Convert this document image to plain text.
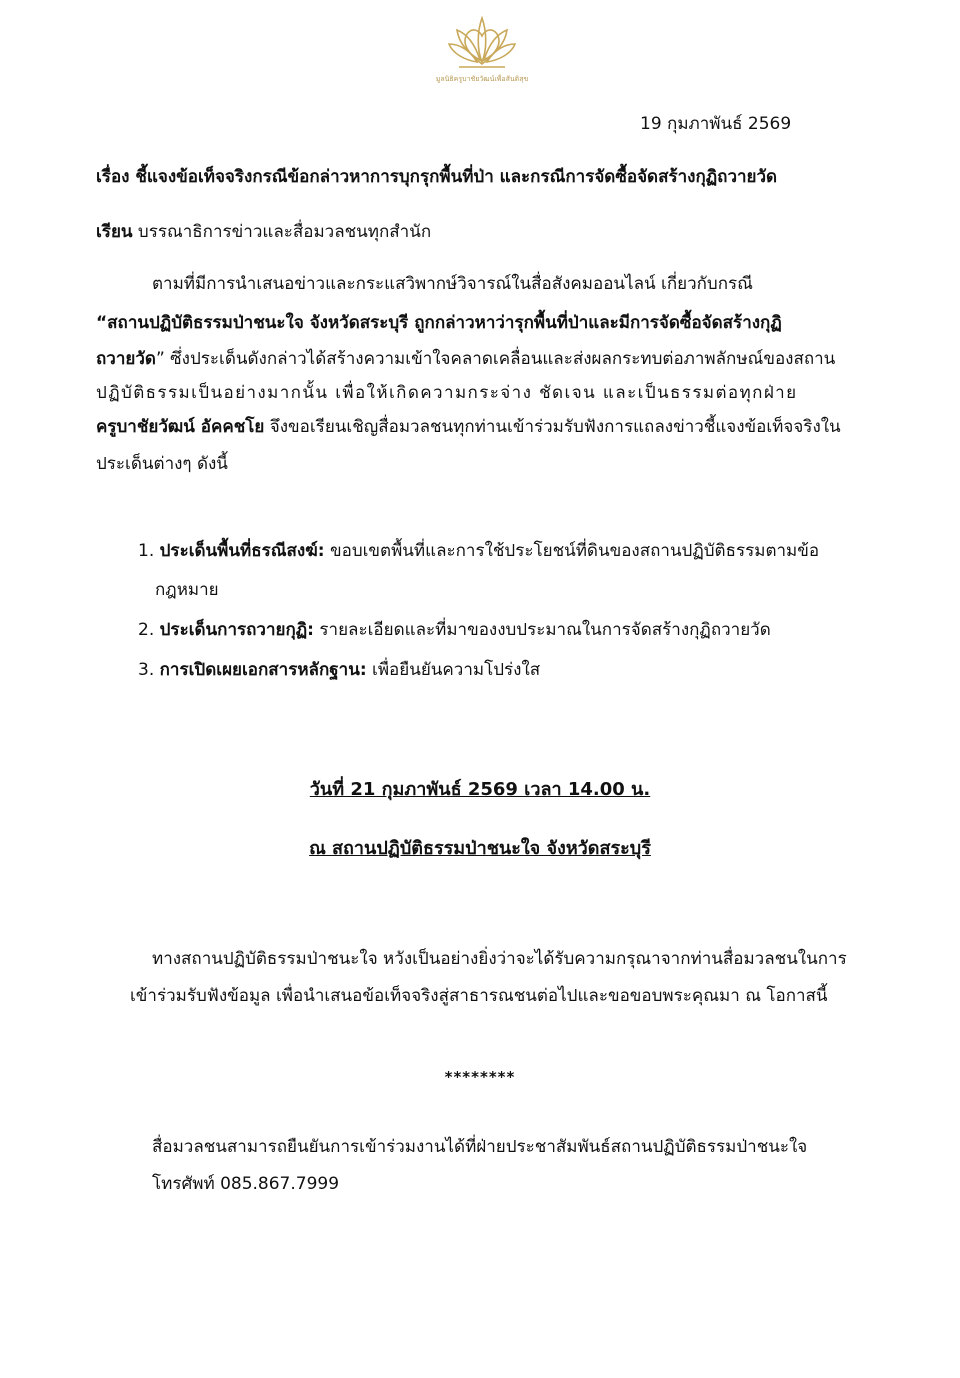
มูลนิธิครูบาชัยวัฒน์เพื่อสันติสุข
19 กุมภาพันธ์ 2569
เรื่อง ชี้แจงข้อเท็จจริงกรณีข้อกล่าวหาการบุกรุกพื้นที่ป่า และกรณีการจัดซื้อจัดสร้างกุฏิถวายวัด
เรียน บรรณาธิการข่าวและสื่อมวลชนทุกสำนัก
ตามที่มีการนำเสนอข่าวและกระแสวิพากษ์วิจารณ์ในสื่อสังคมออนไลน์ เกี่ยวกับกรณี
“สถานปฏิบัติธรรมป่าชนะใจ จังหวัดสระบุรี ถูกกล่าวหาว่ารุกพื้นที่ป่าและมีการจัดซื้อจัดสร้างกุฏิ
ถวายวัด” ซึ่งประเด็นดังกล่าวได้สร้างความเข้าใจคลาดเคลื่อนและส่งผลกระทบต่อภาพลักษณ์ของสถาน
ปฏิบัติธรรมเป็นอย่างมากนั้น เพื่อให้เกิดความกระจ่าง ชัดเจน และเป็นธรรมต่อทุกฝ่าย
ครูบาชัยวัฒน์ อัคคชโย จึงขอเรียนเชิญสื่อมวลชนทุกท่านเข้าร่วมรับฟังการแถลงข่าวชี้แจงข้อเท็จจริงใน
ประเด็นต่างๆ ดังนี้
1. ประเด็นพื้นที่ธรณีสงฆ์: ขอบเขตพื้นที่และการใช้ประโยชน์ที่ดินของสถานปฏิบัติธรรมตามข้อ
กฎหมาย
2. ประเด็นการถวายกุฏิ: รายละเอียดและที่มาของงบประมาณในการจัดสร้างกุฏิถวายวัด
3. การเปิดเผยเอกสารหลักฐาน: เพื่อยืนยันความโปร่งใส
วันที่ 21 กุมภาพันธ์ 2569 เวลา 14.00 น.
ณ สถานปฏิบัติธรรมป่าชนะใจ จังหวัดสระบุรี
ทางสถานปฏิบัติธรรมป่าชนะใจ หวังเป็นอย่างยิ่งว่าจะได้รับความกรุณาจากท่านสื่อมวลชนในการ
เข้าร่วมรับฟังข้อมูล เพื่อนำเสนอข้อเท็จจริงสู่สาธารณชนต่อไปและขอขอบพระคุณมา ณ โอกาสนี้
********
สื่อมวลชนสามารถยืนยันการเข้าร่วมงานได้ที่ฝ่ายประชาสัมพันธ์สถานปฏิบัติธรรมป่าชนะใจ
โทรศัพท์ 085.867.7999
